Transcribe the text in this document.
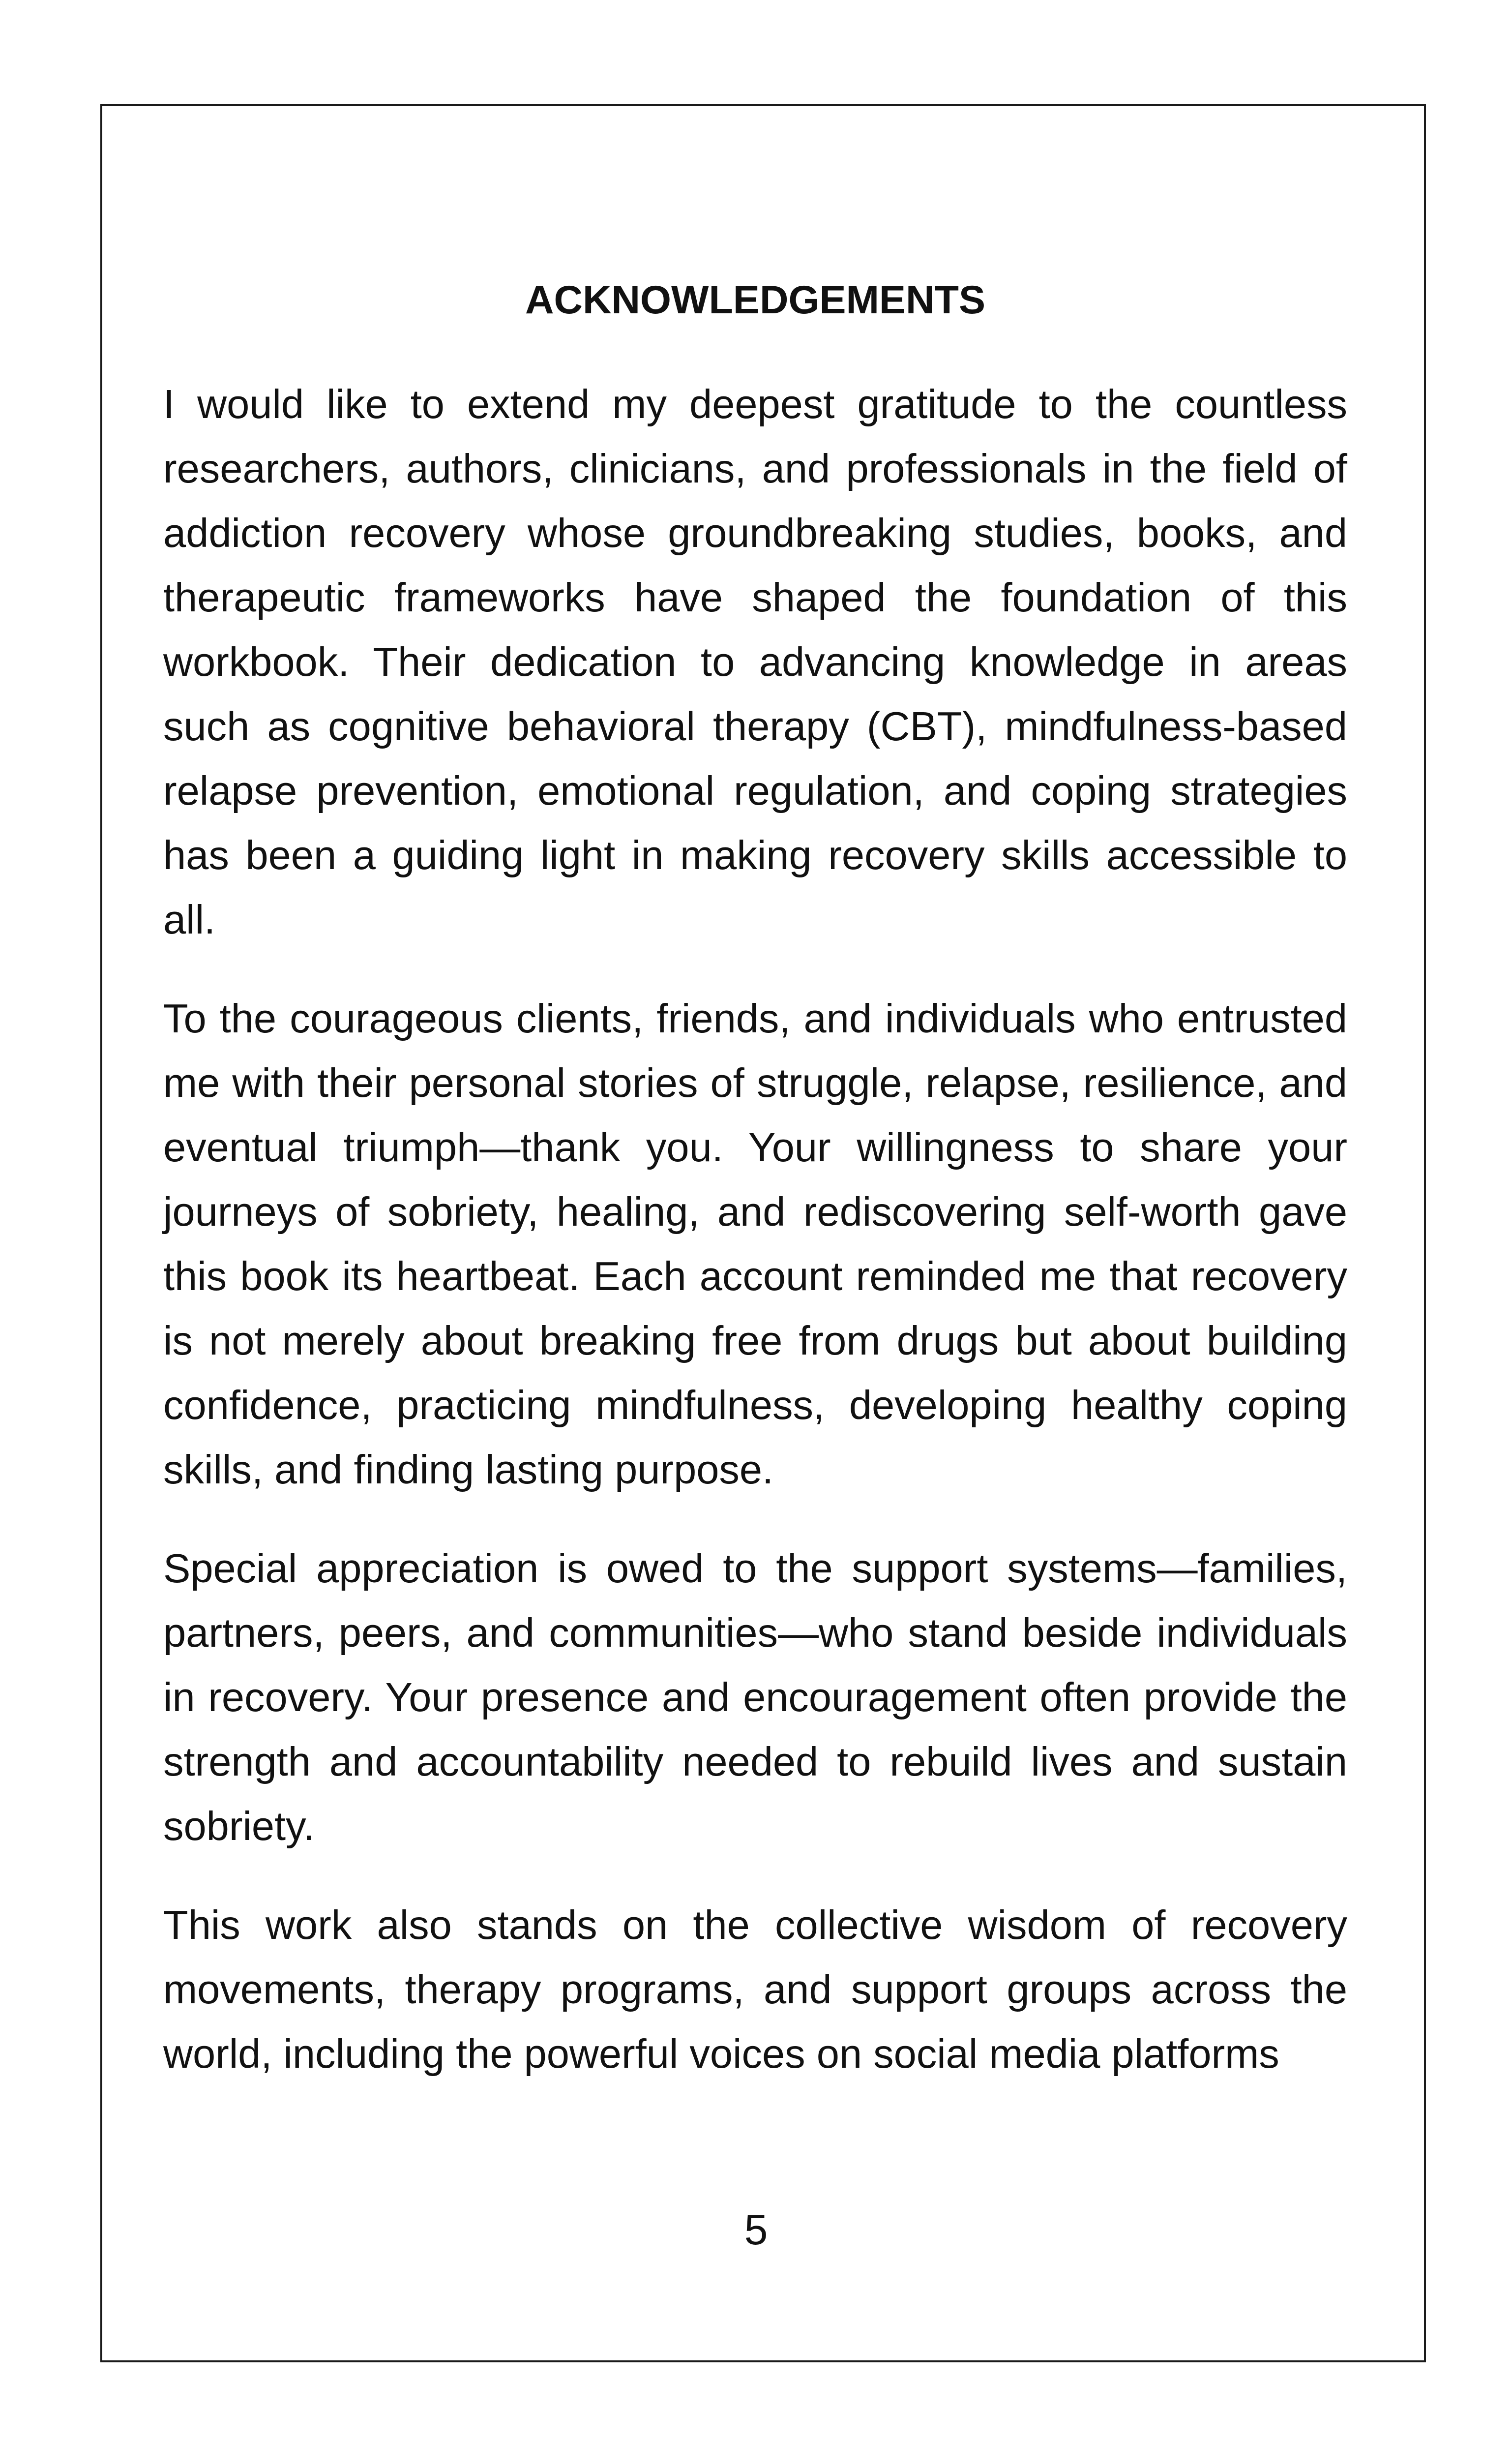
ACKNOWLEDGEMENTS

I would like to extend my deepest gratitude to the countless researchers, authors, clinicians, and professionals in the field of addiction recovery whose groundbreaking studies, books, and therapeutic frameworks have shaped the foundation of this workbook. Their dedication to advancing knowledge in areas such as cognitive behavioral therapy (CBT), mindfulness-based relapse prevention, emotional regulation, and coping strategies has been a guiding light in making recovery skills accessible to all.

To the courageous clients, friends, and individuals who entrusted me with their personal stories of struggle, relapse, resilience, and eventual triumph—thank you. Your willingness to share your journeys of sobriety, healing, and rediscovering self-worth gave this book its heartbeat. Each account reminded me that recovery is not merely about breaking free from drugs but about building confidence, practicing mindfulness, developing healthy coping skills, and finding lasting purpose.

Special appreciation is owed to the support systems—families, partners, peers, and communities—who stand beside individuals in recovery. Your presence and encouragement often provide the strength and accountability needed to rebuild lives and sustain sobriety.

This work also stands on the collective wisdom of recovery movements, therapy programs, and support groups across the world, including the powerful voices on social media platforms

5
